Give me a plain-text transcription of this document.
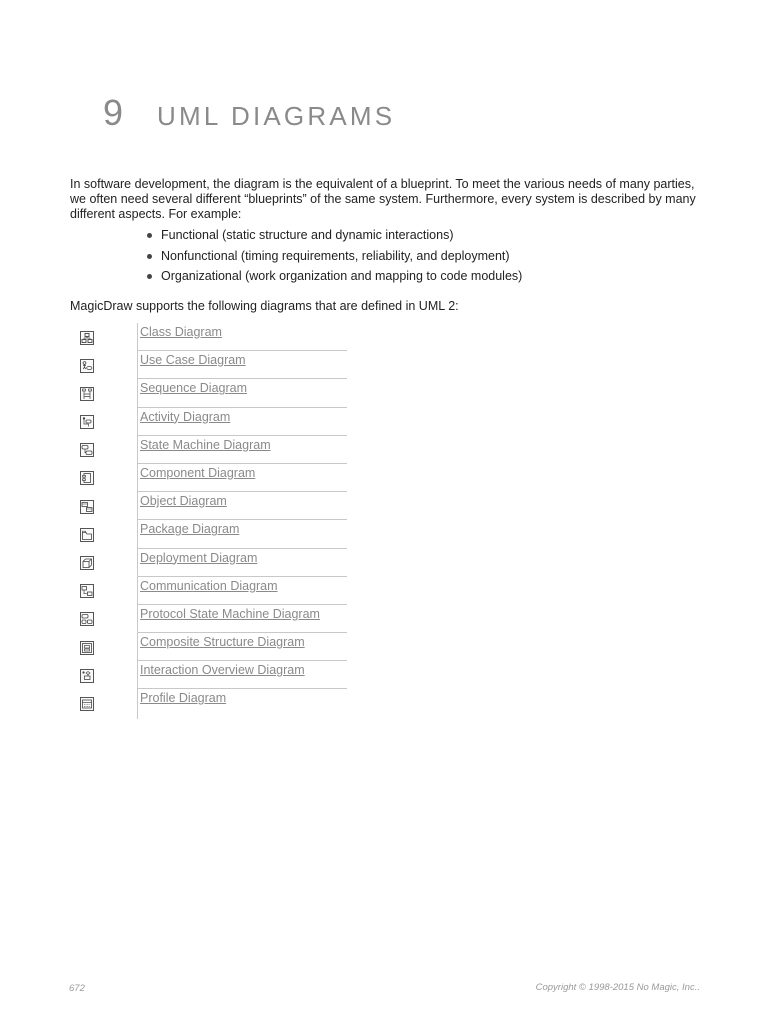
9 UML DIAGRAMS

In software development, the diagram is the equivalent of a blueprint. To meet the various needs of many parties, we often need several different “blueprints” of the same system. Furthermore, every system is described by many different aspects. For example:

Functional (static structure and dynamic interactions)
Nonfunctional (timing requirements, reliability, and deployment)
Organizational (work organization and mapping to code modules)

MagicDraw supports the following diagrams that are defined in UML 2:

	Class Diagram

	Use Case Diagram

	Sequence Diagram

	Activity Diagram

	State Machine Diagram

	Component Diagram

	Object Diagram

	Package Diagram

	Deployment Diagram

	Communication Diagram

	Protocol State Machine Diagram

	Composite Structure Diagram

	Interaction Overview Diagram

	Profile Diagram
672	Copyright © 1998-2015 No Magic, Inc..
